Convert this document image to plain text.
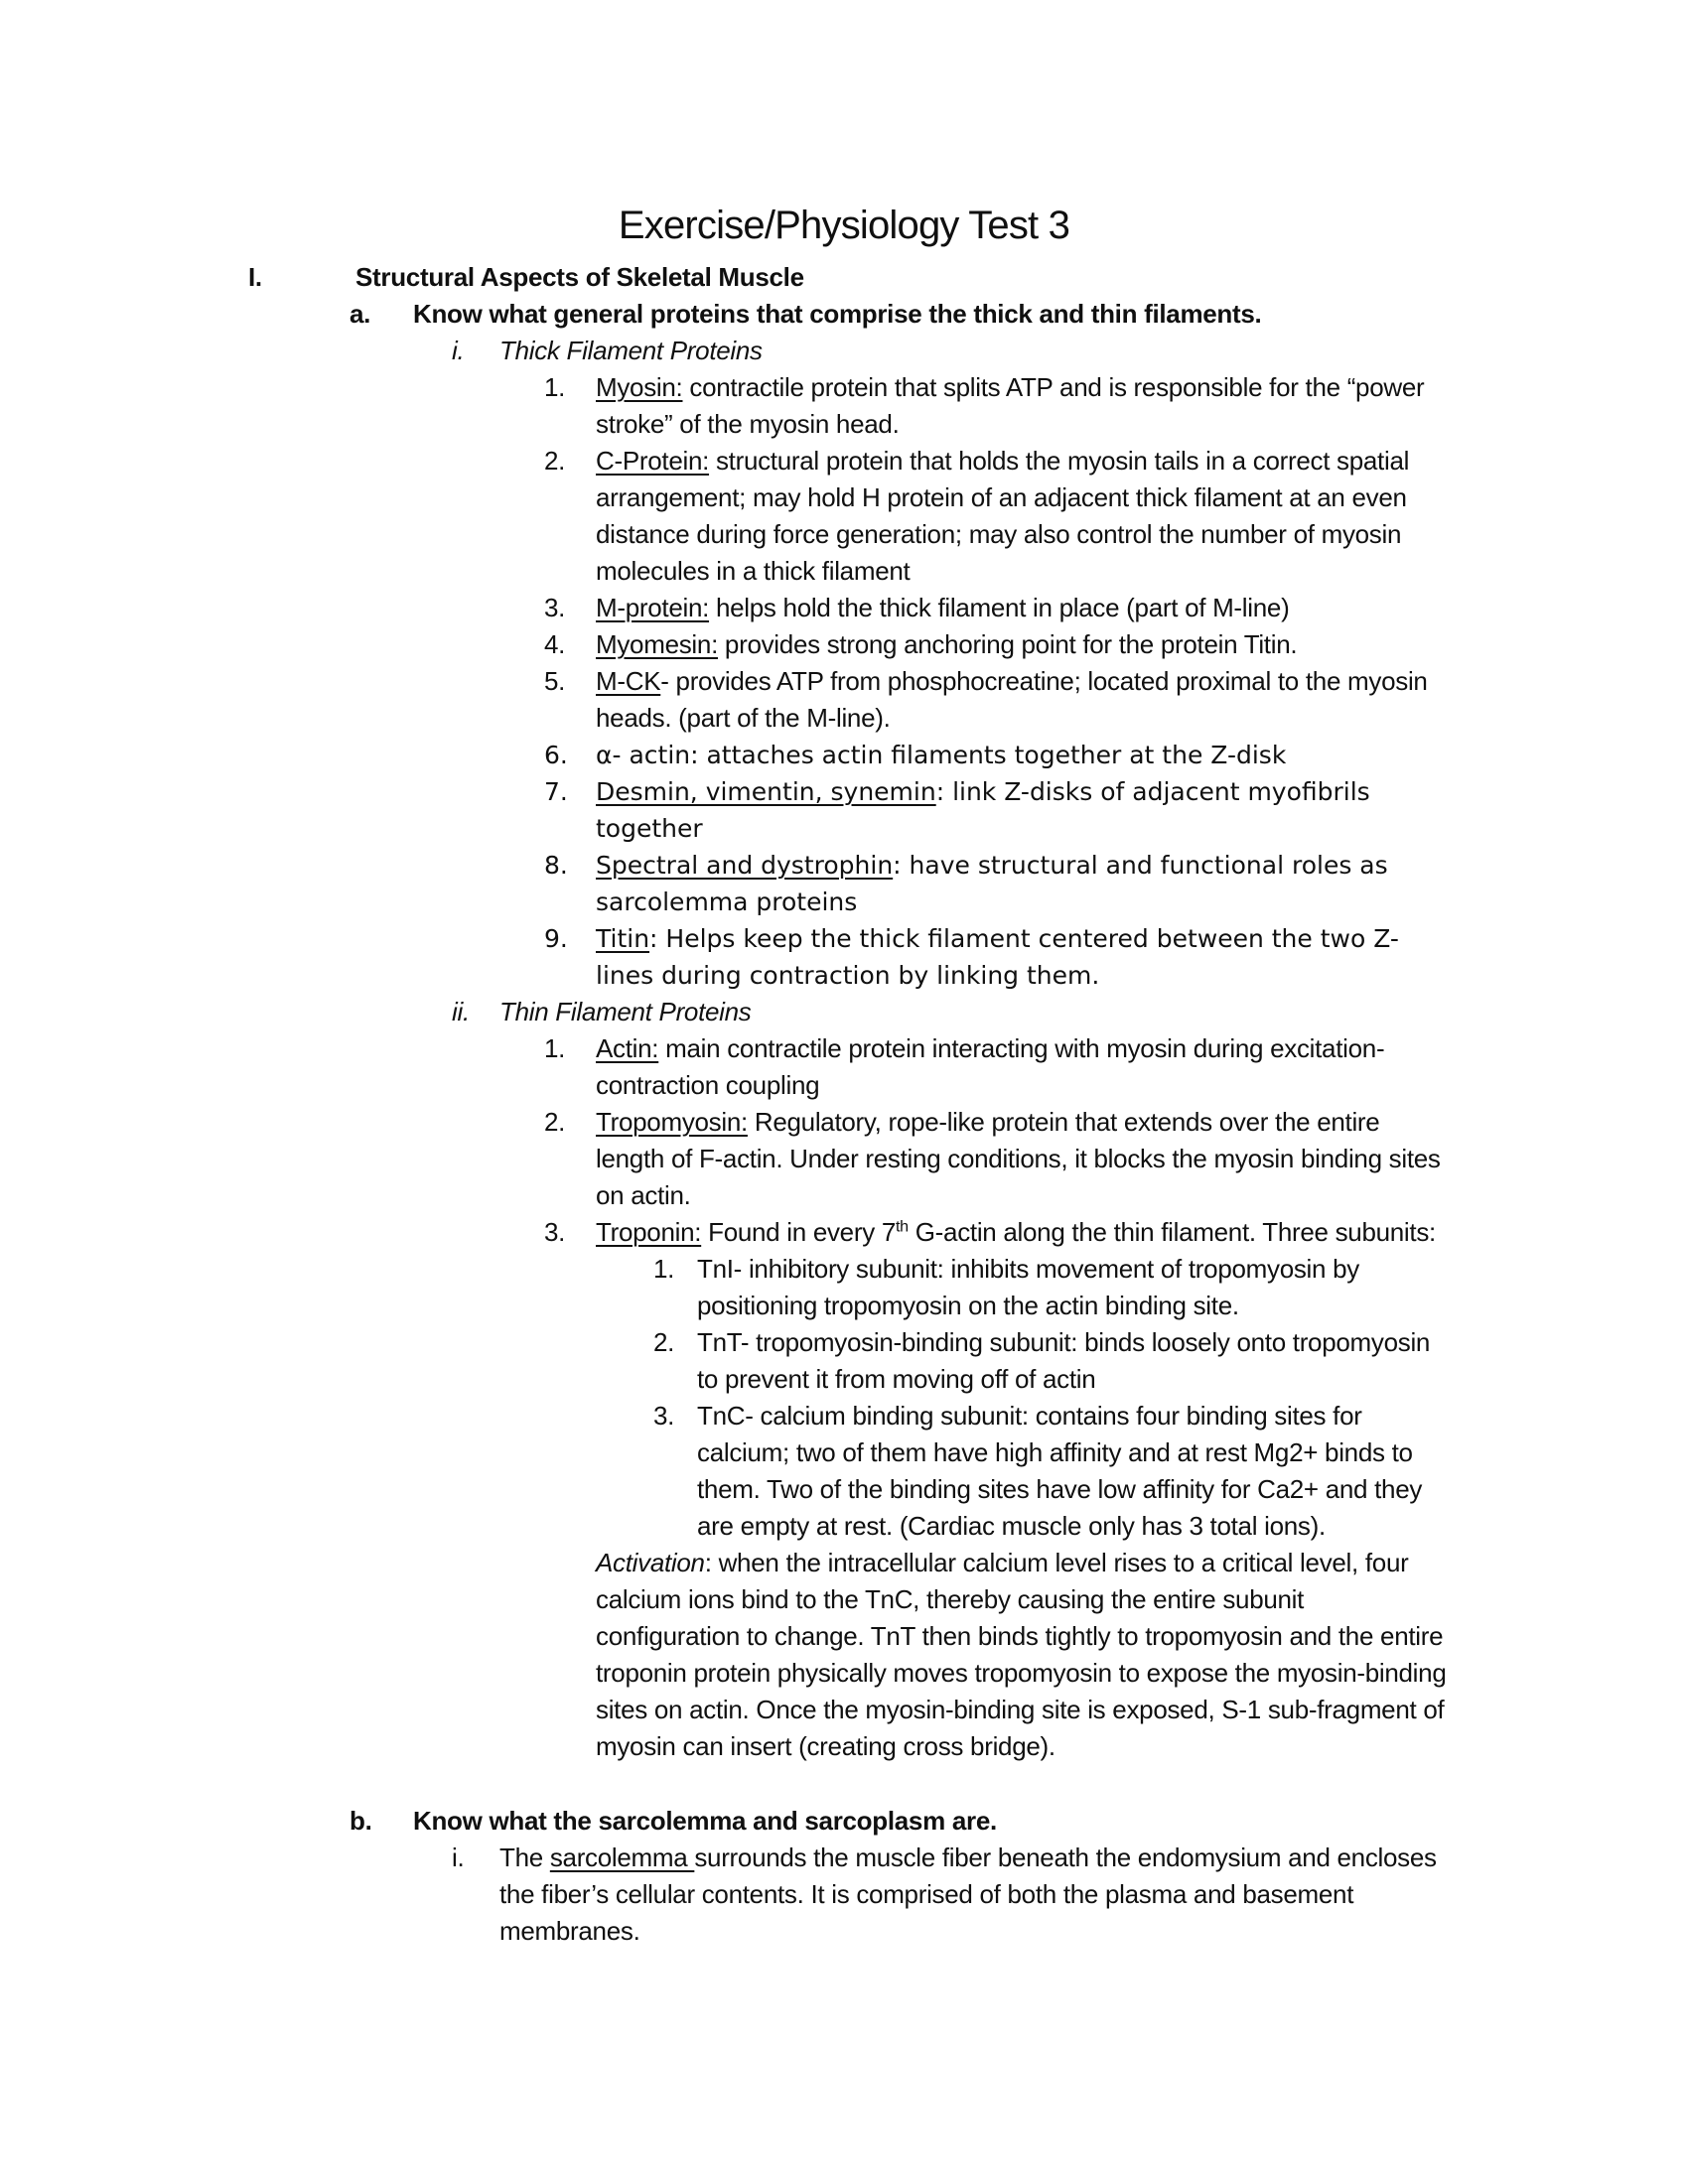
Exercise/Physiology Test 3
I.	Structural Aspects of Skeletal Muscle
a.	Know what general proteins that comprise the thick and thin filaments.
i.	Thick Filament Proteins
1.	Myosin: contractile protein that splits ATP and is responsible for the “power stroke” of the myosin head.
2.	C-Protein: structural protein that holds the myosin tails in a correct spatial arrangement; may hold H protein of an adjacent thick filament at an even distance during force generation; may also control the number of myosin molecules in a thick filament
3.	M-protein: helps hold the thick filament in place (part of M-line)
4.	Myomesin: provides strong anchoring point for the protein Titin.
5.	M-CK- provides ATP from phosphocreatine; located proximal to the myosin heads. (part of the M-line).
6.	α- actin: attaches actin filaments together at the Z-disk
7.	Desmin, vimentin, synemin: link Z-disks of adjacent myofibrils together
8.	Spectral and dystrophin: have structural and functional roles as sarcolemma proteins
9.	Titin: Helps keep the thick filament centered between the two Z-lines during contraction by linking them.
ii.	Thin Filament Proteins
1.	Actin: main contractile protein interacting with myosin during excitation-contraction coupling
2.	Tropomyosin: Regulatory, rope-like protein that extends over the entire length of F-actin. Under resting conditions, it blocks the myosin binding sites on actin.
3.	Troponin: Found in every 7th G-actin along the thin filament. Three subunits:
1. TnI- inhibitory subunit: inhibits movement of tropomyosin by positioning tropomyosin on the actin binding site.
2. TnT- tropomyosin-binding subunit: binds loosely onto tropomyosin to prevent it from moving off of actin
3. TnC- calcium binding subunit: contains four binding sites for calcium; two of them have high affinity and at rest Mg2+ binds to them. Two of the binding sites have low affinity for Ca2+ and they are empty at rest. (Cardiac muscle only has 3 total ions).
Activation: when the intracellular calcium level rises to a critical level, four calcium ions bind to the TnC, thereby causing the entire subunit configuration to change. TnT then binds tightly to tropomyosin and the entire troponin protein physically moves tropomyosin to expose the myosin-binding sites on actin. Once the myosin-binding site is exposed, S-1 sub-fragment of myosin can insert (creating cross bridge).
b.	Know what the sarcolemma and sarcoplasm are.
i.	The sarcolemma surrounds the muscle fiber beneath the endomysium and encloses the fiber’s cellular contents. It is comprised of both the plasma and basement membranes.
